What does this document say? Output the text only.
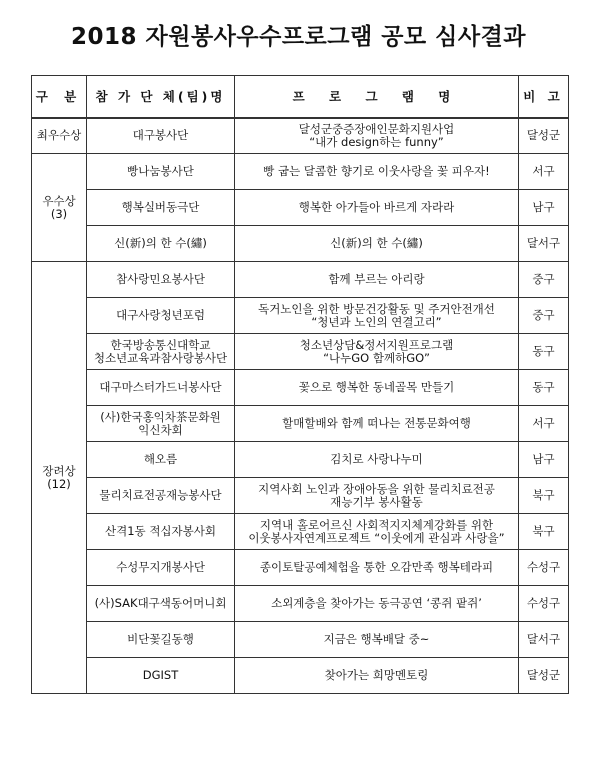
2018 자원봉사우수프로그램 공모 심사결과
구 분	참 가 단 체(팀)명	프 로 그 램 명	비 고

최우수상	대구봉사단	달성군중증장애인문화지원사업
“내가 design하는 funny”	달성군

우수상
(3)	빵나눔봉사단	빵 굽는 달콤한 향기로 이웃사랑을 꽃 피우자!	서구

	행복실버동극단	행복한 아가들아 바르게 자라라	남구

	신(新)의 한 수(繡)	신(新)의 한 수(繡)	달서구

장려상
(12)	참사랑민요봉사단	함께 부르는 아리랑	중구

	대구사랑청년포럼	독거노인을 위한 방문건강활동 및 주거안전개선
“청년과 노인의 연결고리”	중구

	한국방송통신대학교
청소년교육과참사랑봉사단	청소년상담&정서지원프로그램
“나누GO 함께하GO”	동구

	대구마스터가드너봉사단	꽃으로 행복한 동네골목 만들기	동구

	(사)한국홍익차茶문화원
익신차회	할매할배와 함께 떠나는 전통문화여행	서구

	해오름	김치로 사랑나누미	남구

	물리치료전공재능봉사단	지역사회 노인과 장애아동을 위한 물리치료전공
재능기부 봉사활동	북구

	산격1동 적십자봉사회	지역내 홀로어르신 사회적지지체계강화를 위한
이웃봉사자연계프로젝트 “이웃에게 관심과 사랑을”	북구

	수성무지개봉사단	종이토탈공예체험을 통한 오감만족 행복테라피	수성구

	(사)SAK대구색동어머니회	소외계층을 찾아가는 동극공연 ‘콩쥐 팥쥐’	수성구

	비단꽃길동행	지금은 행복배달 중~	달서구

	DGIST	찾아가는 희망멘토링	달성군
